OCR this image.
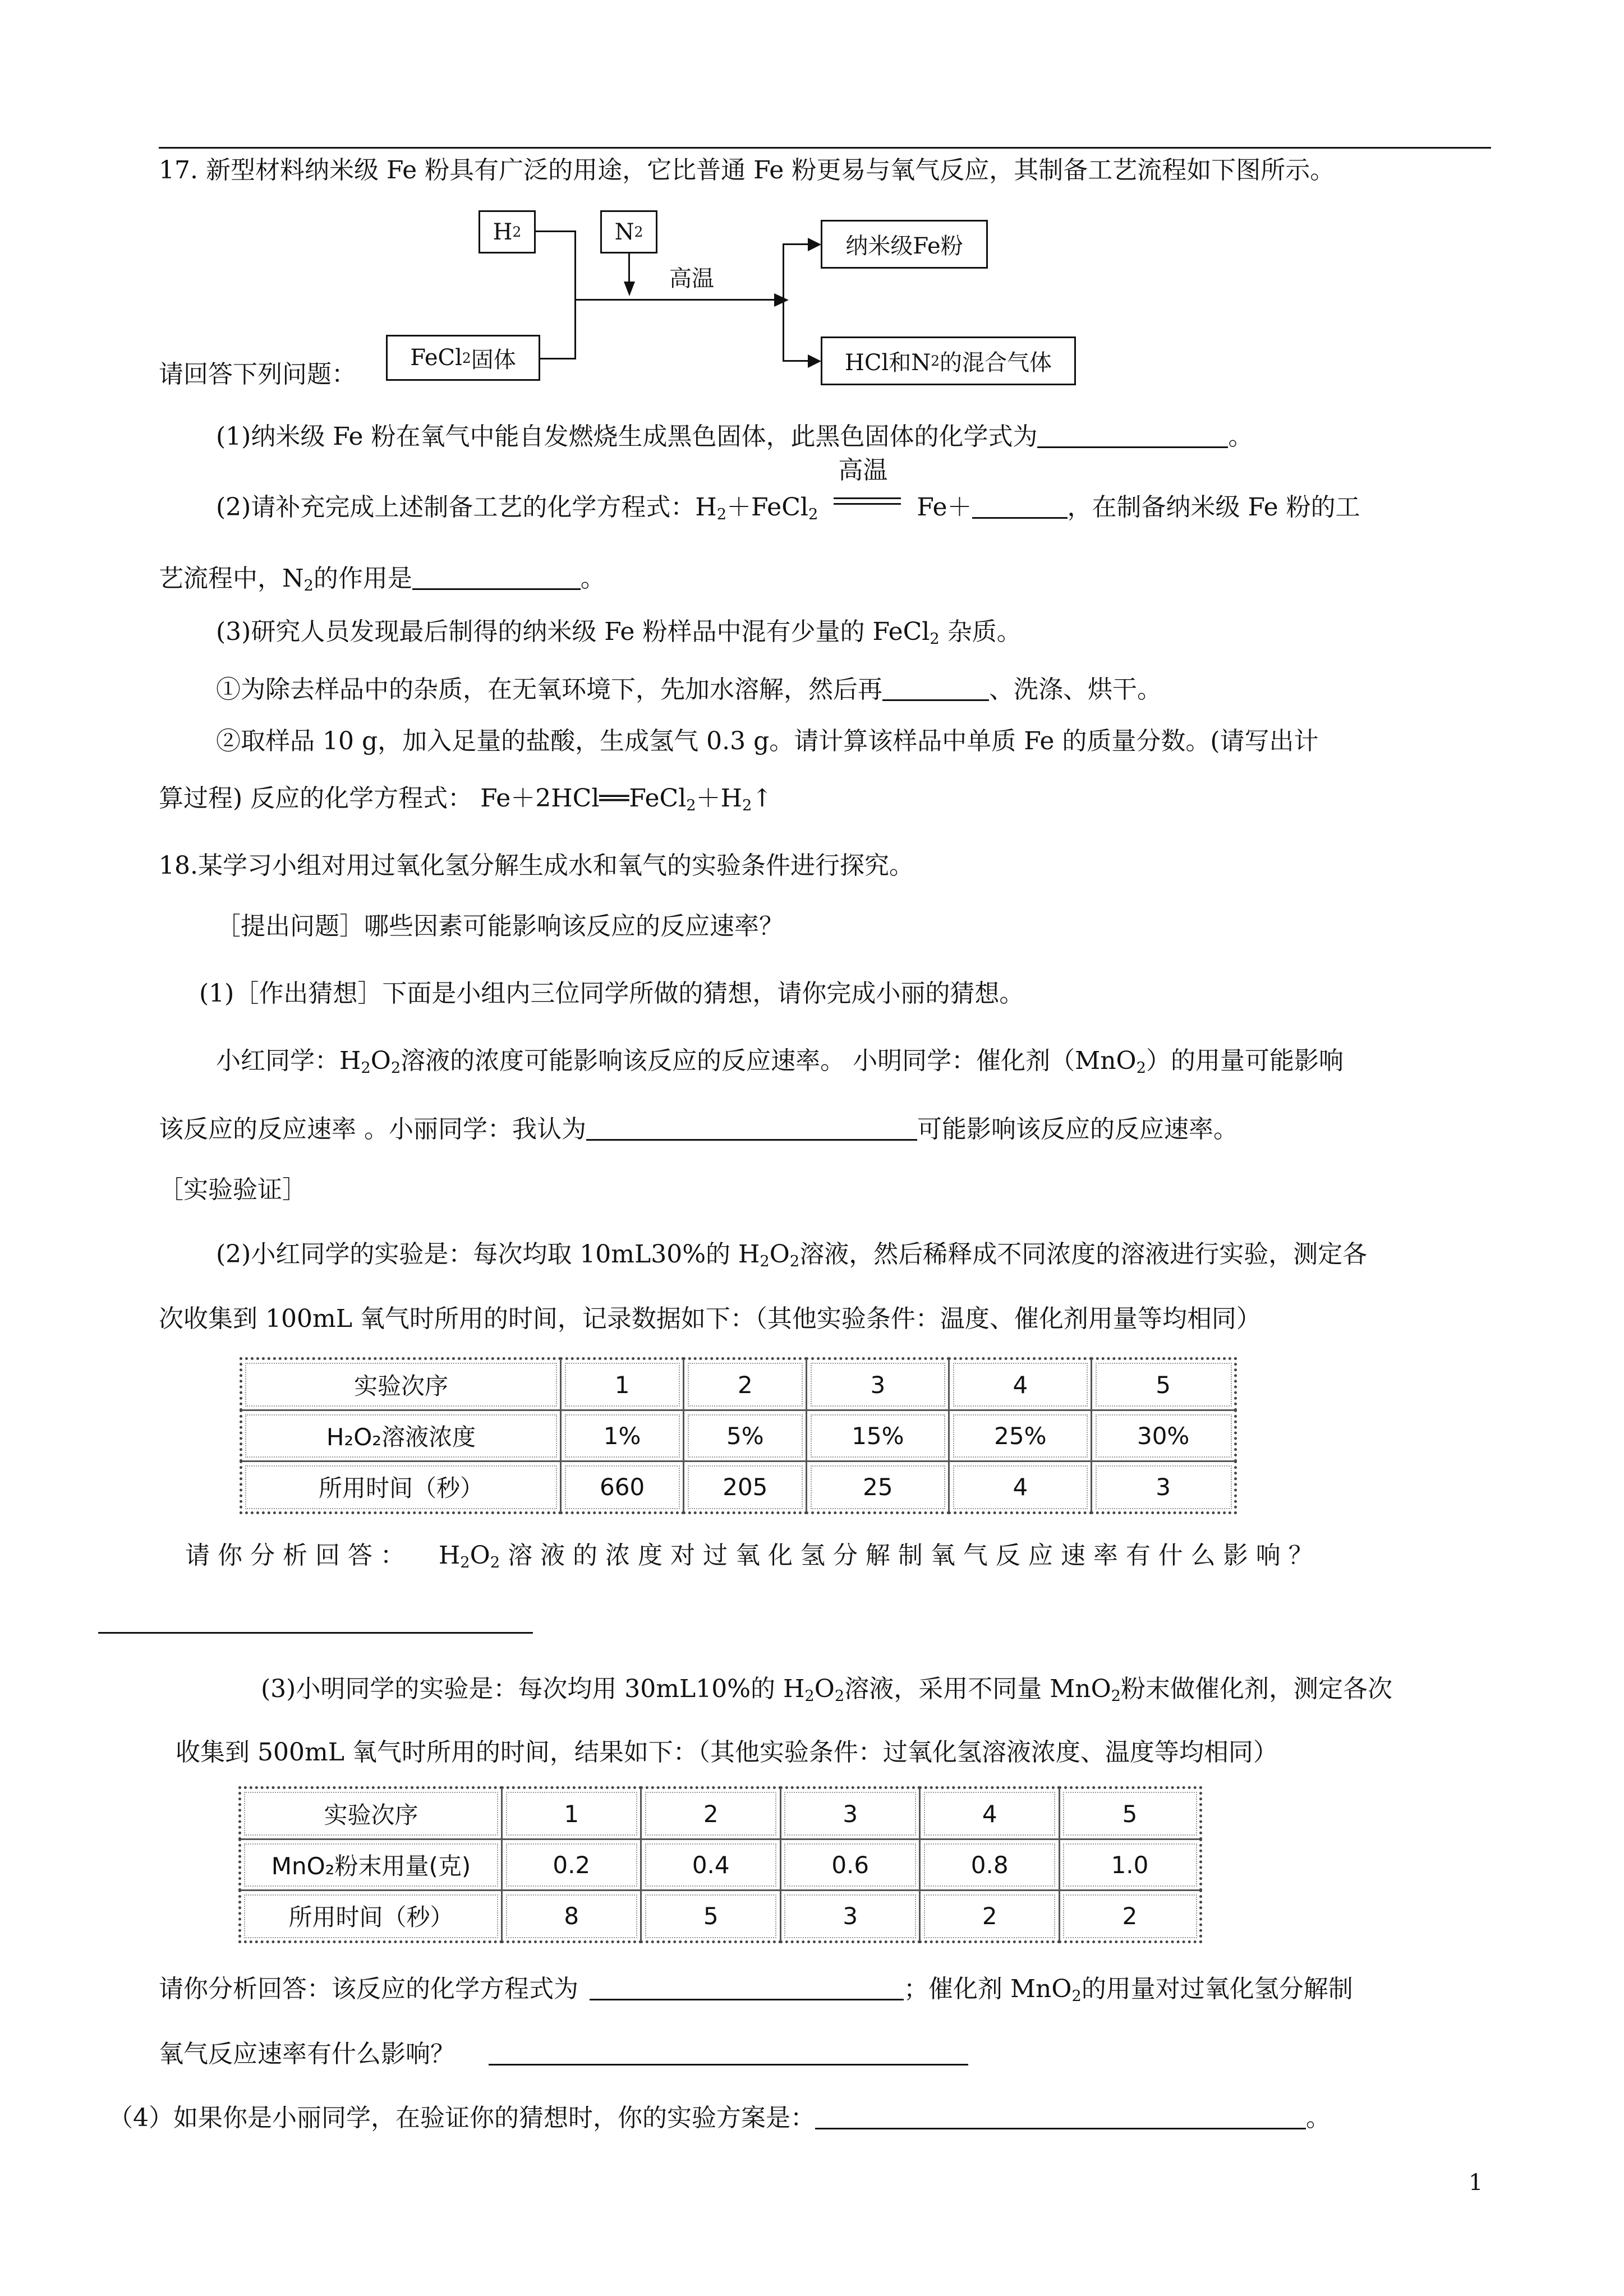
17. 新型材料纳米级 Fe 粉具有广泛的用途，它比普通 Fe 粉更易与氧气反应，其制备工艺流程如下图所示。
H 2	N 2
FeCl 2 固体
纳米级Fe粉
HCl和N 2 的混合气体
高温
请回答下列问题：
(1)纳米级 Fe 粉在氧气中能自发燃烧生成黑色固体，此黑色固体的化学式为	。
(2)请补充完成上述制备工艺的化学方程式：$H_2+FeCl_2$
高温
Fe＋	，在制备纳米级 Fe 粉的工
艺流程中，$N_2$的作用是	。
(3)研究人员发现最后制得的纳米级 Fe 粉样品中混有少量的 FeCl$_2$ 杂质。
①为除去样品中的杂质，在无氧环境下，先加水溶解，然后再	、洗涤、烘干。
②取样品 10 g，加入足量的盐酸，生成氢气 0.3 g。请计算该样品中单质 Fe 的质量分数。(请写出计
算过程) 反应的化学方程式： $Fe+2HCl══FeCl_2+H_2↑$
18.某学习小组对用过氧化氢分解生成水和氧气的实验条件进行探究。
［提出问题］哪些因素可能影响该反应的反应速率？
(1)［作出猜想］下面是小组内三位同学所做的猜想，请你完成小丽的猜想。
小红同学：$H_2O_2$溶液的浓度可能影响该反应的反应速率。 小明同学：催化剂（MnO$_2$）的用量可能影响
该反应的反应速率 。小丽同学：我认为	可能影响该反应的反应速率。
［实验验证］
(2)小红同学的实验是：每次均取 10mL30%的 $H_2O_2$溶液，然后稀释成不同浓度的溶液进行实验，测定各
次收集到 100mL 氧气时所用的时间，记录数据如下：（其他实验条件：温度、催化剂用量等均相同）
实验次序	1	2	3	4	5
H₂O₂溶液浓度	1%	5%	15%	25%	30%
所用时间（秒）	660	205	25	4	3
请 你 分 析 回 答 ： $H_2O_2$ 溶 液 的 浓 度 对 过 氧 化 氢 分 解 制 氧 气 反 应 速 率 有 什 么 影 响 ？
(3)小明同学的实验是：每次均用 30mL10%的 $H_2O_2$溶液，采用不同量 MnO$_2$粉末做催化剂，测定各次
收集到 500mL 氧气时所用的时间，结果如下：（其他实验条件：过氧化氢溶液浓度、温度等均相同）
实验次序	1	2	3	4	5
MnO₂粉末用量(克)	0.2	0.4	0.6	0.8	1.0
所用时间（秒）	8	5	3	2	2
请你分析回答：该反应的化学方程式为	；催化剂 MnO$_2$的用量对过氧化氢分解制
氧气反应速率有什么影响？
（4）如果你是小丽同学，在验证你的猜想时，你的实验方案是：	。
1
